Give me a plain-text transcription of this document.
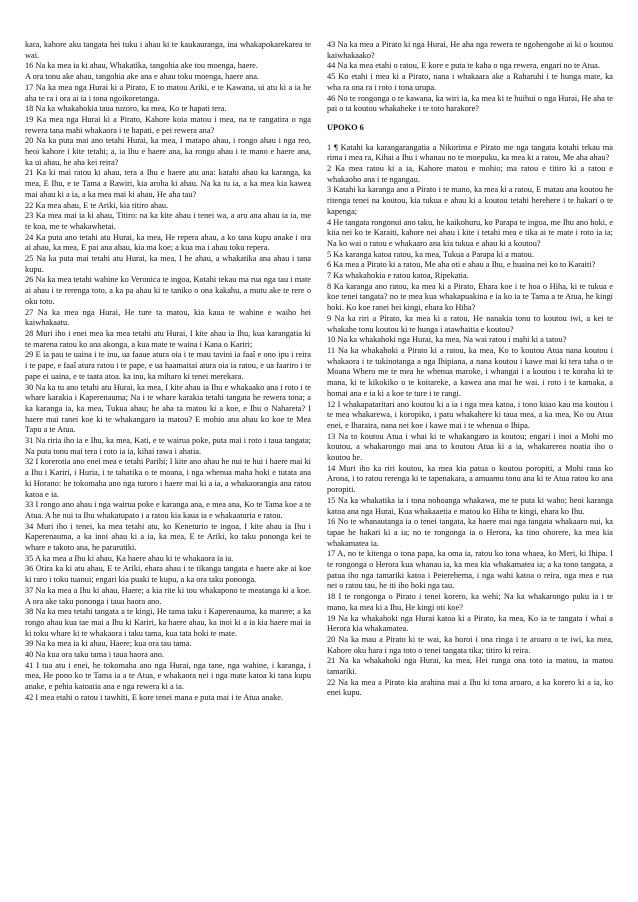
kara, kahore aku tangata hei tuku i ahau ki te kaukauranga, ina whakapokarekarea te wai.

16 Na ka mea ia ki ahau, Whakatika, tangohia ake tou moenga, haere.

A ora tonu ake ahau, tangohia ake ana e ahau toku moenga, haere ana.

17 Na ka mea nga Hurai ki a Pirato, E to matou Ariki, e te Kawana, ui atu ki a ia he aha te ra i ora ai ia i tona ngoikoretanga.

18 Na ka whakahokia taua tuzoro, ka mea, Ko te hapati tera.

19 Ka mea nga Hurai ki a Pirato, Kahore koia matou i mea, na te rangatira o nga rewera tana mahi whakaora i te hapati, e pei rewera ana?

20 Na ka puta mai ano tetahi Hurai, ka mea, I matapo ahau, i rongo ahau i nga reo, heoi kahore i kite tetahi; a, ia Ihu e haere ana, ka rongo ahau i te mano e haere ana, ka ui ahau, he aha kei reira?

21 Ka ki mai ratou ki ahau, tera a Ihu e haere atu ana: katahi ahau ka karanga, ka mea, E Ihu, e te Tama a Rawiri, kia aroha ki ahau. Na ka tu ia, a ka mea kia kawea mai ahau ki a ia, a ka mea mai ki ahau, He aha tau?

22 Ka mea ahau, E te Ariki, kia titiro ahau.

23 Ka mea mai ia ki ahau, Titiro: na ka kite ahau i tenei wa, a aru ana ahau ia ia, me te koa, me te whakawhetai.

24 Ka puta ano tetahi atu Hurai, ka mea, He repera ahau, a ko tana kupu anake i ora ai ahau, ka mea, E pai ana ahau, kia ma koe; a kua ma i ahau toku repera.

25 Na ka puta mai tetahi atu Hurai, ka mea, I he ahau, a whakatika ana ahau i tana kupu.

26 Na ka mea tetahi wahine ko Veronica te ingoa, Kotahi tekau ma rua nga tau i mate ai ahau i te rerenga toto, a ka pa ahau ki te taniko o ona kakahu, a mutu ake te rere o oku toto.

27 Na ka mea nga Hurai, He ture ta matou, kia kaua te wahine e waiho hei kaiwhakaatu.

28 Muri iho i enei mea ka mea tetahi atu Hurai, I kite ahau ia Ihu, kua karangatia ki te marena ratou ko ana akonga, a kua mate te waina i Kana o Kariri;

29 E ia pau te uaina i te inu, ua faaue atura oia i te mau tavini ia faaî e ono ipu i reira i te pape, e faaî atura ratou i te pape, e ua haamaitai atura oia ia ratou, e ua faariro i te pape ei uaina, e te taata atoa. ka inu, ka miharo ki tenei merekara.

30 Na ka tu ano tetahi atu Hurai, ka mea, I kite ahau ia Ihu e whakaako ana i roto i te whare karakia i Kaperenauma; Na i te whare karakia tetahi tangata he rewera tona; a ka karanga ia, ka mea, Tukua ahau; he aha ta matou ki a koe, e Ihu o Nahareta? I haere mai ranei koe ki te whakangaro ia matou? E mohio ana ahau ko koe te Mea Tapu a te Atua.

31 Na riria iho ia e Ihu, ka mea, Kati, e te wairua poke, puta mai i roto i taua tangata; Na puta tonu mai tera i roto ia ia, kihai rawa i ahatia.

32 I korerotia ano enei mea e tetahi Parihi; I kite ano ahau he nui te hui i haere mai ki a Ihu i Kariri, i Huria, i te tahatika o te moana, i nga whenua maha hoki e tutata ana ki Horano: he tokomaha ano nga turoro i haere mai ki a ia, a whakaorangia ana ratou katoa e ia.

33 I rongo ano ahau i nga wairua poke e karanga ana, e mea ana, Ko te Tama koe a te Atua. A he nui ta Ihu whakatupato i a ratou kia kaua ia e whakaaturia e ratou.

34 Muri iho i tenei, ka mea tetahi atu, ko Keneturio te ingoa, I kite ahau ia Ihu i Kaperenauma, a ka inoi ahau ki a ia, ka mea, E te Ariki, ko taku pononga kei te whare e takoto ana, he pararutiki.

35 A ka mea a Ihu ki ahau, Ka haere ahau ki te whakaora ia ia.

36 Otira ka ki atu ahau, E te Ariki, ehara ahau i te tikanga tangata e haere ake ai koe ki raro i toku tuanui; engari kia puaki te kupu, a ka ora taku pononga.

37 Na ka mea a Ihu ki ahau, Haere; a kia rite ki tou whakapono te meatanga ki a koe. A ora ake taku pononga i taua haora ano.

38 Na ka mea tetahi tangata a te kingi, He tama taku i Kaperenauma, ka marere; a ka rongo ahau kua tae mai a Ihu ki Kariri, ka haere ahau, ka inoi ki a ia kia haere mai ia ki toku whare ki te whakaora i taku tama, kua tata hoki te mate.

39 Na ka mea ia ki ahau, Haere; kua ora tau tama.

40 Na kua ora taku tama i taua haora ano.

41 I tua atu i enei, he tokomaha ano nga Hurai, nga tane, nga wahine, i karanga, i mea, He pono ko te Tama ia a te Atua, e whakaora nei i nga mate katoa ki tana kupu anake, e pehia katoatia ana e nga rewera ki a ia.

42 I mea etahi o ratou i tawhiti, E kore tenei mana e puta mai i te Atua anake.

43 Na ka mea a Pirato ki nga Hurai, He aha nga rewera te ngohengohe ai ki o koutou kaiwhakaako?

44 Na ka mea etahi o ratou, E kore e puta te kaha o nga rewera, engari no te Atua.

45 Ko etahi i mea ki a Pirato, nana i whakaara ake a Raharuhi i te hunga mate, ka wha ra ona ra i roto i tona urupa.

46 No te rongonga o te kawana, ka wiri ia, ka mea ki te huihui o nga Hurai, He aha te pai o ta koutou whakaheke i te toto harakore?

UPOKO 6

1 ¶ Katahi ka karangarangatia a Nikorima e Pirato me nga tangata kotahi tekau ma rima i mea ra, Kihai a Ihu i whanau no te moepuku, ka mea ki a ratou, Me aha ahau?

2 Ka mea ratou ki a ia, Kahore matou e mohio; ma ratou e titiro ki a ratou e whakaoho ana i te ngangau.

3 Katahi ka karanga ano a Pirato i te mano, ka mea ki a ratou, E matau ana koutou he ritenga tenei na koutou, kia tukua e ahau ki a koutou tetahi herehere i te hakari o te kapenga;

4 He tangata rongonui ano taku, he kaikohuru, ko Parapa te ingoa, me Ihu ano hoki, e kiia nei ko te Karaiti, kahore nei ahau i kite i tetahi mea e tika ai te mate i roto ia ia; Na ko wai o ratou e whakaaro ana kia tukua e ahau ki a koutou?

5 Ka karanga katoa ratou, ka mea, Tukua a Parapa ki a matou.

6 Ka mea a Pirato ki a ratou, Me aha oti e ahau a Ihu, e huaina nei ko to Karaiti?

7 Ka whakahokia e ratou katoa, Ripekatia.

8 Ka karanga ano ratou, ka mea ki a Pirato, Ehara koe i te hoa o Hiha, ki te tukua e koe tenei tangata? no te mea kua whakapuakina e ia ko ia te Tama a te Atua, he kingi hoki. Ko koe ranei hei kingi, ehara ko Hiha?

9 Na ka riri a Pirato, ka mea ki a ratou, He nanakia tonu to koutou iwi, a kei te whakahe tonu koutou ki te hunga i atawhaitia e koutou?

10 Na ka whakahoki nga Hurai, ka mea, Na wai ratou i mahi ki a tatou?

11 Na ka whakahoki a Pirato ki a ratou, ka mea, Ko to koutou Atua nana koutou i whakaora i te tukinotanga a nga Ihipiana, a nana koutou i kawe mai ki tera taha o te Moana Whero me te mea he whenua maroke, i whangai i a koutou i te koraha ki te mana, ki te kikokiko o te koitareke, a kawea ana mai he wai. i roto i te kamaka, a homai ana e ia ki a koe te ture i te rangi.

12 I whakapataritari ano koutou ki a ia i nga mea katoa, i tono kuao kau ma koutou i te mea whakarewa, i koropiko, i patu whakahere ki taua mea, a ka mea, Ko ou Atua enei, e Iharaira, nana nei koe i kawe mai i te whenua o Ihipa.

13 Na to koutou Atua i whai ki te whakangaro ia koutou; engari i inoi a Mohi mo koutou, a whakarongo mai ana to koutou Atua ki a ia, whakarerea noatia iho o koutou he.

14 Muri iho ka riri koutou, ka mea kia patua o koutou poropiti, a Mohi raua ko Arona, i to ratou rerenga ki te tapenakara, a amuamu tonu ana ki te Atua ratou ko ana poropiti.

15 Na ka whakatika ia i tona nohoanga whakawa, me te puta ki waho; heoi karanga katoa ana nga Hurai, Kua whakaaetia e matou ko Hiha te kingi, ehara ko Ihu.

16 No te whanautanga ia o tenei tangata, ka haere mai nga tangata whakaaro nui, ka tapae he hakari ki a ia; no te rongonga ia o Herora, ka tino ohorere, ka mea kia whakamatea ia.

17 A, no te kitenga o tona papa, ka oma ia, ratou ko tona whaea, ko Meri, ki Ihipa. I te rongonga o Herora kua whanau ia, ka mea kia whakamatea ia; a ka tono tangata, a patua iho nga tamariki katoa i Peterehema, i nga wahi katoa o reira, nga mea e rua nei o ratou tau, he iti iho hoki nga tau.

18 I te rongonga o Pirato i tenei korero, ka wehi; Na ka whakarongo puku ia i te mano, ka mea ki a Ihu, He kingi oti koe?

19 Na ka whakahoki nga Hurai katoa ki a Pirato, ka mea, Ko ia te tangata i whai a Herora kia whakamatea.

20 Na ka mau a Pirato ki te wai, ka horoi i ona ringa i te aroaro o te iwi, ka mea, Kahore oku hara i nga toto o tenei tangata tika; titiro ki reira.

21 Na ka whakahoki nga Hurai, ka mea, Hei runga ona toto ia matou, ia matou tamariki.

22 Na ka mea a Pirato kia arahina mai a Ihu ki tona aroaro, a ka korero ki a ia, ko enei kupu.
